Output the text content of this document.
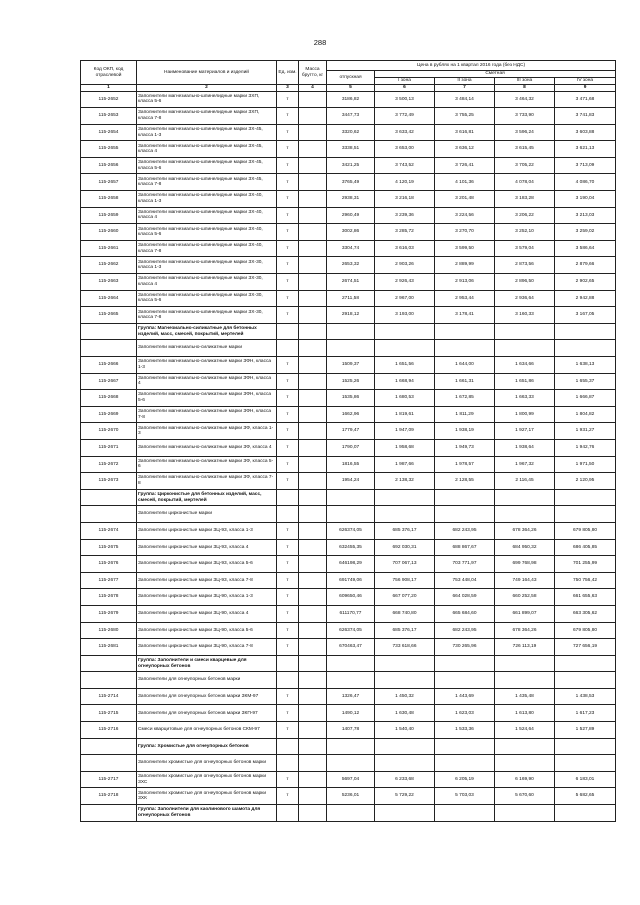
288
Код ОКП, код отраслевой	Наименование материалов и изделий	Ед. изм.	Масса брутто, кг	Цена в рублях на 1 квартал 2016 года (без НДС)				
				отпускная	Сметная			
					I зона	II зона	III зона	IV зона
1	2	3	4	5	6	7	8	9
115-2652	Заполнители магнезиально-шпинелидные марки ЗХП, класса 5-6	т		3186,82	3 500,13	3 484,14	3 464,32	3 471,68
115-2653	Заполнители магнезиально-шпинелидные марки ЗХП, класса 7-8	т		3447,73	3 772,49	3 755,25	3 733,90	3 741,83
115-2654	Заполнители магнезиально-шпинелидные марки ЗХ-45, класса 1-3	т		3320,62	3 633,42	3 616,81	3 596,24	3 603,88
115-2655	Заполнители магнезиально-шпинелидные марки ЗХ-45, класса 4	т		3338,51	3 653,00	3 636,12	3 615,45	3 621,13
115-2656	Заполнители магнезиально-шпинелидные марки ЗХ-45, класса 5-6	т		3421,25	3 743,52	3 726,41	3 705,22	3 713,09
115-2657	Заполнители магнезиально-шпинелидные марки ЗХ-45, класса 7-8	т		3765,49	4 120,19	4 101,36	4 078,04	4 086,70
115-2658	Заполнители магнезиально-шпинелидные марки ЗХ-40, класса 1-3	т		2938,31	3 216,18	3 201,48	3 183,28	3 190,04
115-2659	Заполнители магнезиально-шпинелидные марки ЗХ-40, класса 4	т		2960,49	3 239,36	3 224,56	3 206,22	3 213,03
115-2660	Заполнители магнезиально-шпинелидные марки ЗХ-40, класса 5-6	т		3002,86	3 285,72	3 270,70	3 252,10	3 259,02
115-2661	Заполнители магнезиально-шпинелидные марки ЗХ-40, класса 7-8	т		3304,74	3 616,03	3 599,50	3 579,04	3 586,64
115-2662	Заполнители магнезиально-шпинелидные марки ЗХ-30, класса 1-3	т		2653,32	2 903,26	2 889,99	2 873,56	2 879,66
115-2663	Заполнители магнезиально-шпинелидные марки ЗХ-30, класса 4	т		2674,51	2 926,43	2 913,06	2 896,50	2 902,65
115-2664	Заполнители магнезиально-шпинелидные марки ЗХ-30, класса 5-6	т		2711,58	2 967,00	2 953,44	2 936,64	2 942,88
115-2665	Заполнители магнезиально-шпинелидные марки ЗХ-30, класса 7-8	т		2918,12	3 193,00	3 178,41	3 160,33	3 167,05
	Группа: Магнезиально-силикатные для бетонных изделий, масс, смесей, покрытий, мертелей							
	Заполнители магнезиально-силикатные марки							
115-2666	Заполнители магнезиально-силикатные марки ЗФН, класса 1-3	т		1509,37	1 651,56	1 644,00	1 634,66	1 638,13
115-2667	Заполнители магнезиально-силикатные марки ЗФН, класса 4	т		1525,26	1 668,94	1 661,31	1 651,86	1 655,37
115-2668	Заполнители магнезиально-силикатные марки ЗФН, класса 5-6	т		1535,86	1 680,53	1 672,85	1 663,33	1 666,87
115-2669	Заполнители магнезиально-силикатные марки ЗФН, класса 7-8	т		1662,96	1 819,61	1 811,29	1 800,99	1 804,82
115-2670	Заполнители магнезиально-силикатные марки ЗФ, класса 1-3	т		1779,47	1 947,09	1 938,19	1 927,17	1 931,27
115-2671	Заполнители магнезиально-силикатные марки ЗФ, класса 4	т		1790,07	1 958,68	1 949,73	1 938,64	1 942,76
115-2672	Заполнители магнезиально-силикатные марки ЗФ, класса 5-6	т		1816,55	1 987,66	1 978,57	1 967,32	1 971,50
115-2673	Заполнители магнезиально-силикатные марки ЗФ, класса 7-8	т		1954,24	2 138,32	2 128,55	2 116,45	2 120,95
	Группа: Цирконистые для бетонных изделий, масс, смесей, покрытий, мертелей							
	Заполнители цирконистые марки							
115-2674	Заполнители цирконистые марки ЗЦ-93, класса 1-3	т		626374,05	685 376,17	682 243,95	678 364,26	679 805,80
115-2675	Заполнители цирконистые марки ЗЦ-93, класса 4	т		632455,35	692 030,31	688 867,67	684 950,32	686 405,85
115-2676	Заполнители цирконистые марки ЗЦ-93, класса 5-6	т		646198,29	707 067,13	703 771,97	699 768,98	701 255,99
115-2677	Заполнители цирконистые марки ЗЦ-93, класса 7-8	т		691749,06	756 908,17	753 448,04	749 164,43	750 756,42
115-2678	Заполнители цирконистые марки ЗЦ-90, класса 1-3	т		609650,46	667 077,20	664 028,59	660 252,58	661 655,63
115-2679	Заполнители цирконистые марки ЗЦ-90, класса 4	т		611170,77	668 740,80	665 684,60	661 899,07	663 305,62
115-2680	Заполнители цирконистые марки ЗЦ-90, класса 5-6	т		626374,05	685 376,17	682 243,95	678 364,26	679 805,80
115-2681	Заполнители цирконистые марки ЗЦ-90, класса 7-8	т		670463,47	733 618,66	730 265,96	726 113,19	727 656,19
	Группа: Заполнители и смеси кварцевые для огнеупорных бетонов							
	Заполнители для огнеупорных бетонов марки							
115-2714	Заполнители для огнеупорных бетонов марки ЗКМ-97	т		1326,47	1 450,32	1 443,69	1 435,48	1 438,53
115-2715	Заполнители для огнеупорных бетонов марки ЗКП-97	т		1490,12	1 630,48	1 623,03	1 613,80	1 617,23
115-2716	Смеси кварцитовые для огнеупорных бетонов СКМ-97	т		1407,78	1 540,40	1 533,36	1 524,64	1 527,89
	Группа: Хромистые для огнеупорных бетонов							
	Заполнители хромистые для огнеупорных бетонов марки							
115-2717	Заполнители хромистые для огнеупорных бетонов марки ЗХС	т		5697,04	6 233,68	6 205,19	6 169,90	6 183,01
115-2718	Заполнители хромистые для огнеупорных бетонов марки ЗХК	т		5236,01	5 729,22	5 703,03	5 670,60	5 682,65
	Группа: Заполнители для каолинового шамота для огнеупорных бетонов							
